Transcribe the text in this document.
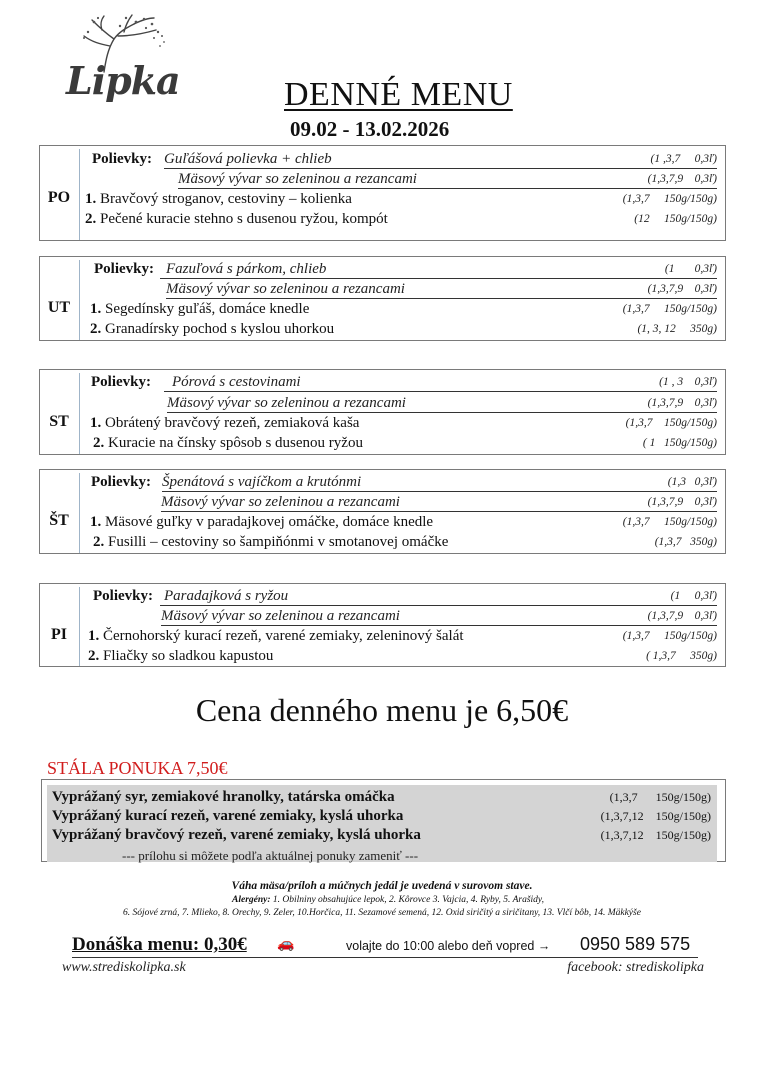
Lipka	DENNÉ MENU
09.02 - 13.02.2026
PO
Polievky: Guľášová polievka + chlieb	(1 ,3,7     0,3ľ)
Mäsový vývar so zeleninou a rezancami	(1,3,7,9    0,3ľ)
1. Bravčový stroganov, cestoviny – kolienka	(1,3,7     150g/150g)
2. Pečené kuracie stehno s dusenou ryžou, kompót	(12     150g/150g)
UT
Polievky: Fazuľová s párkom, chlieb	(1       0,3ľ)
Mäsový vývar so zeleninou a rezancami	(1,3,7,9    0,3ľ)
1. Segedínsky guľáš, domáce knedle	(1,3,7     150g/150g)
2. Granadírsky pochod s kyslou uhorkou	(1, 3, 12     350g)
ST
Polievky: Pórová s cestovinami	(1 , 3    0,3ľ)
Mäsový vývar so zeleninou a rezancami	(1,3,7,9    0,3ľ)
1. Obrátený bravčový rezeň, zemiaková kaša	(1,3,7    150g/150g)
2. Kuracie na čínsky spôsob s dusenou ryžou	( 1   150g/150g)
ŠT
Polievky: Špenátová s vajíčkom a krutónmi	(1,3   0,3ľ)
Mäsový vývar so zeleninou a rezancami	(1,3,7,9    0,3ľ)
1. Mäsové guľky v paradajkovej omáčke, domáce knedle	(1,3,7     150g/150g)
2. Fusilli – cestoviny so šampiňónmi v smotanovej omáčke	(1,3,7   350g)
PI
Polievky: Paradajková s ryžou	(1     0,3ľ)
Mäsový vývar so zeleninou a rezancami	(1,3,7,9    0,3ľ)
1. Černohorský kurací rezeň, varené zemiaky, zeleninový šalát	(1,3,7     150g/150g)
2. Fliačky so sladkou kapustou	( 1,3,7     350g)
Cena denného menu je 6,50€
STÁLA PONUKA 7,50€
Vyprážaný syr, zemiakové hranolky, tatárska omáčka	(1,3,7      150g/150g)
Vyprážaný kurací rezeň, varené zemiaky, kyslá uhorka	(1,3,7,12    150g/150g)
Vyprážaný bravčový rezeň, varené zemiaky, kyslá uhorka	(1,3,7,12    150g/150g)
--- prílohu si môžete podľa aktuálnej ponuky zameniť ---
Váha mäsa/príloh a múčnych jedál je uvedená v surovom stave.
Alergény: 1. Obilniny obsahujúce lepok, 2. Kôrovce 3. Vajcia, 4. Ryby, 5. Arašidy,
6. Sójové zrná, 7. Mlieko, 8. Orechy, 9. Zeler, 10.Horčica, 11. Sezamové semená, 12. Oxid siričitý a siričitany, 13. Vlčí bôb, 14. Mäkkýše
Donáška menu: 0,30€ 🚗	volajte do 10:00 alebo deň vopred → 0950 589 575
www.strediskolipka.sk	facebook: strediskolipka
